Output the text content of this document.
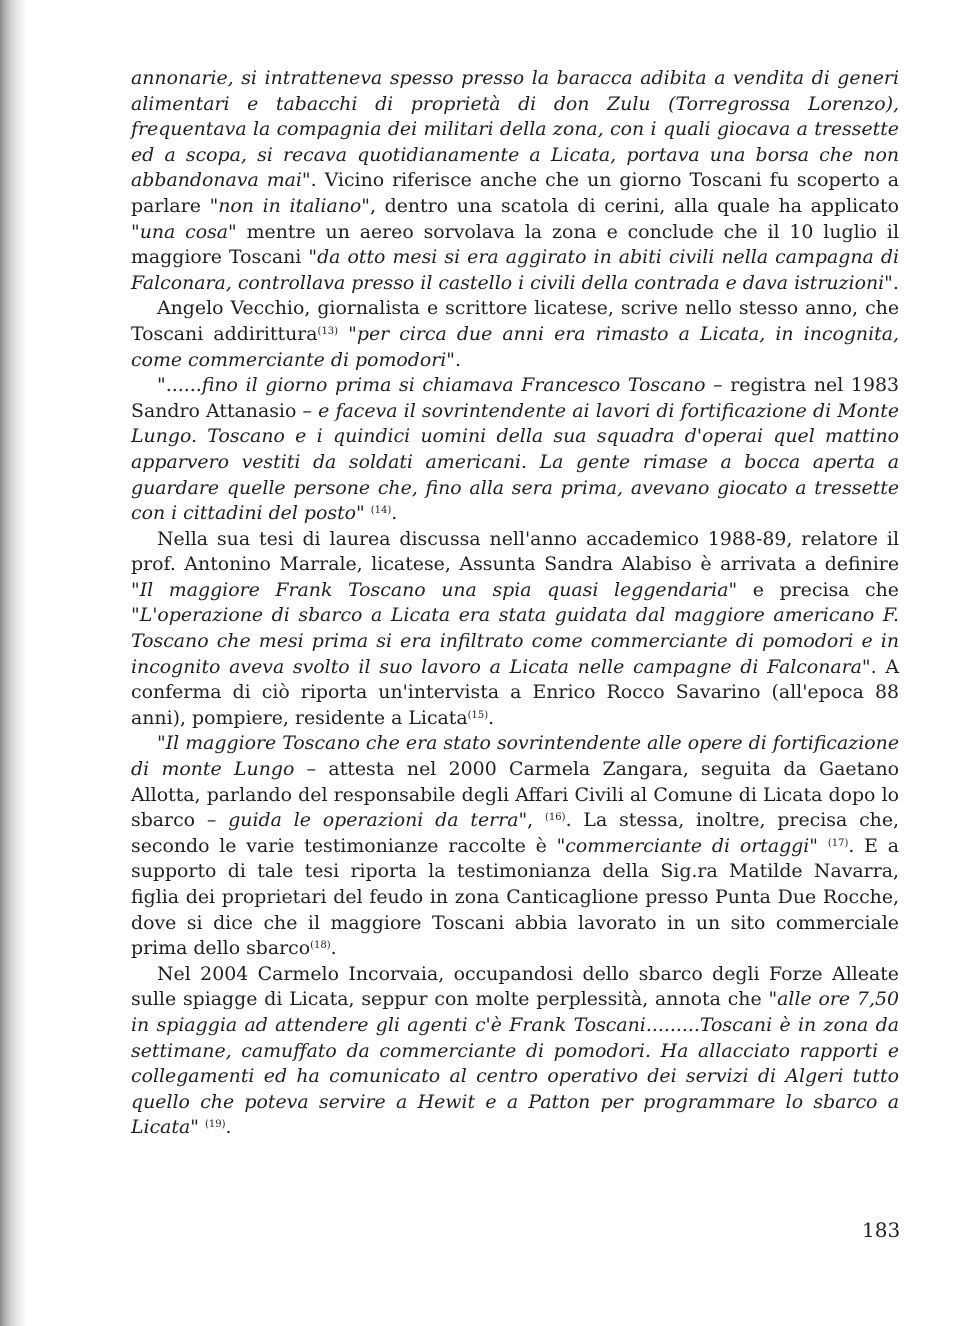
annonarie, si intratteneva spesso presso la baracca adibita a vendita di generi alimentari e tabacchi di proprietà di don Zulu (Torregrossa Lorenzo), frequentava la compagnia dei militari della zona, con i quali giocava a tressette ed a scopa, si recava quotidianamente a Licata, portava una borsa che non abbandonava mai". Vicino riferisce anche che un giorno Toscani fu scoperto a parlare "non in italiano", dentro una scatola di cerini, alla quale ha applicato "una cosa" mentre un aereo sorvolava la zona e conclude che il 10 luglio il maggiore Toscani "da otto mesi si era aggirato in abiti civili nella campagna di Falconara, controllava presso il castello i civili della contrada e dava istruzioni".

Angelo Vecchio, giornalista e scrittore licatese, scrive nello stesso anno, che Toscani addirittura$^{(13)}$ "per circa due anni era rimasto a Licata, in incognita, come commerciante di pomodori".

"......fino il giorno prima si chiamava Francesco Toscano – registra nel 1983 Sandro Attanasio – e faceva il sovrintendente ai lavori di fortificazione di Monte Lungo. Toscano e i quindici uomini della sua squadra d'operai quel mattino apparvero vestiti da soldati americani. La gente rimase a bocca aperta a guardare quelle persone che, fino alla sera prima, avevano giocato a tressette con i cittadini del posto" $^{(14)}$.

Nella sua tesi di laurea discussa nell'anno accademico 1988-89, relatore il prof. Antonino Marrale, licatese, Assunta Sandra Alabiso è arrivata a definire "Il maggiore Frank Toscano una spia quasi leggendaria" e precisa che "L'operazione di sbarco a Licata era stata guidata dal maggiore americano F. Toscano che mesi prima si era infiltrato come commerciante di pomodori e in incognito aveva svolto il suo lavoro a Licata nelle campagne di Falconara". A conferma di ciò riporta un'intervista a Enrico Rocco Savarino (all'epoca 88 anni), pompiere, residente a Licata$^{(15)}$.

"Il maggiore Toscano che era stato sovrintendente alle opere di fortificazione di monte Lungo – attesta nel 2000 Carmela Zangara, seguita da Gaetano Allotta, parlando del responsabile degli Affari Civili al Comune di Licata dopo lo sbarco – guida le operazioni da terra", $^{(16)}$. La stessa, inoltre, precisa che, secondo le varie testimonianze raccolte è "commerciante di ortaggi" $^{(17)}$. E a supporto di tale tesi riporta la testimonianza della Sig.ra Matilde Navarra, figlia dei proprietari del feudo in zona Canticaglione presso Punta Due Rocche, dove si dice che il maggiore Toscani abbia lavorato in un sito commerciale prima dello sbarco$^{(18)}$.

Nel 2004 Carmelo Incorvaia, occupandosi dello sbarco degli Forze Alleate sulle spiagge di Licata, seppur con molte perplessità, annota che "alle ore 7,50 in spiaggia ad attendere gli agenti c'è Frank Toscani.........Toscani è in zona da settimane, camuffato da commerciante di pomodori. Ha allacciato rapporti e collegamenti ed ha comunicato al centro operativo dei servizi di Algeri tutto quello che poteva servire a Hewit e a Patton per programmare lo sbarco a Licata" $^{(19)}$.

183
